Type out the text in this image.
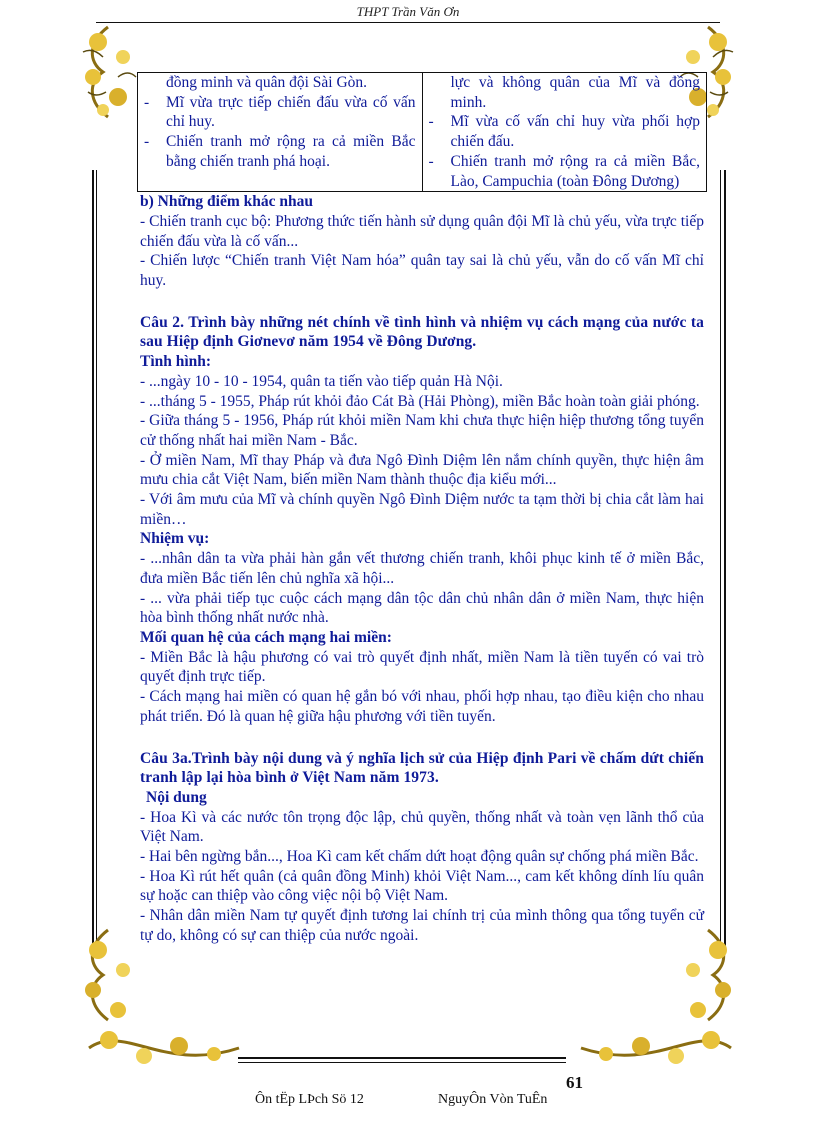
THPT Trần Văn Ơn
đồng minh và quân đội Sài Gòn.
-	Mĩ vừa trực tiếp chiến đấu vừa cố vấn chỉ huy.
-	Chiến tranh mở rộng ra cả miền Bắc bằng chiến tranh phá hoại.

lực và không quân của Mĩ và đồng minh.
-	Mĩ vừa cố vấn chỉ huy vừa phối hợp chiến đấu.
-	Chiến tranh mở rộng ra cả miền Bắc, Lào, Campuchia (toàn Đông Dương)
b) Những điểm khác nhau

- Chiến tranh cục bộ: Phương thức tiến hành sử dụng quân đội Mĩ là chủ yếu, vừa trực tiếp chiến đấu vừa là cố vấn...

- Chiến lược “Chiến tranh Việt Nam hóa” quân tay sai là chủ yếu, vẫn do cố vấn Mĩ chỉ huy.

Câu 2. Trình bày những nét chính về tình hình và nhiệm vụ cách mạng của nước ta sau Hiệp định Giơnevơ năm 1954 về Đông Dương.
Tình hình:

- ...ngày 10 - 10 - 1954, quân ta tiến vào tiếp quản Hà Nội.

- ...tháng 5 - 1955, Pháp rút khỏi đảo Cát Bà (Hải Phòng), miền Bắc hoàn toàn giải phóng.

- Giữa tháng 5 - 1956, Pháp rút khỏi miền Nam khi chưa thực hiện hiệp thương tổng tuyển cử thống nhất hai miền Nam - Bắc.

- Ở miền Nam, Mĩ thay Pháp và đưa Ngô Đình Diệm lên nắm chính quyền, thực hiện âm mưu chia cắt Việt Nam, biến miền Nam thành thuộc địa kiểu mới...

- Với âm mưu của Mĩ và chính quyền Ngô Đình Diệm nước ta tạm thời bị chia cắt làm hai miền…

Nhiệm vụ:

- ...nhân dân ta vừa phải hàn gắn vết thương chiến tranh, khôi phục kinh tế ở miền Bắc, đưa miền Bắc tiến lên chủ nghĩa xã hội...

- ... vừa phải tiếp tục cuộc cách mạng dân tộc dân chủ nhân dân ở miền Nam, thực hiện hòa bình thống nhất nước nhà.

Mối quan hệ của cách mạng hai miền:

- Miền Bắc là hậu phương có vai trò quyết định nhất, miền Nam là tiền tuyến có vai trò quyết định trực tiếp.

- Cách mạng hai miền có quan hệ gắn bó với nhau, phối hợp nhau, tạo điều kiện cho nhau phát triển. Đó là quan hệ giữa hậu phương với tiền tuyến.

Câu 3a.Trình bày nội dung và ý nghĩa lịch sử của Hiệp định Pari về chấm dứt chiến tranh lập lại hòa bình ở Việt Nam năm 1973.
Nội dung

- Hoa Kì và các nước tôn trọng độc lập, chủ quyền, thống nhất và toàn vẹn lãnh thổ của Việt Nam.

- Hai bên ngừng bắn..., Hoa Kì cam kết chấm dứt hoạt động quân sự chống phá miền Bắc.

- Hoa Kì rút hết quân (cả quân đồng Minh) khỏi Việt Nam..., cam kết không dính líu quân sự hoặc can thiệp vào công việc nội bộ Việt Nam.

- Nhân dân miền Nam tự quyết định tương lai chính trị của mình thông qua tổng tuyển cử tự do, không có sự can thiệp của nước ngoài.

61
Ôn tËp LÞch Sö 12	NguyÔn Vòn TuÊn
